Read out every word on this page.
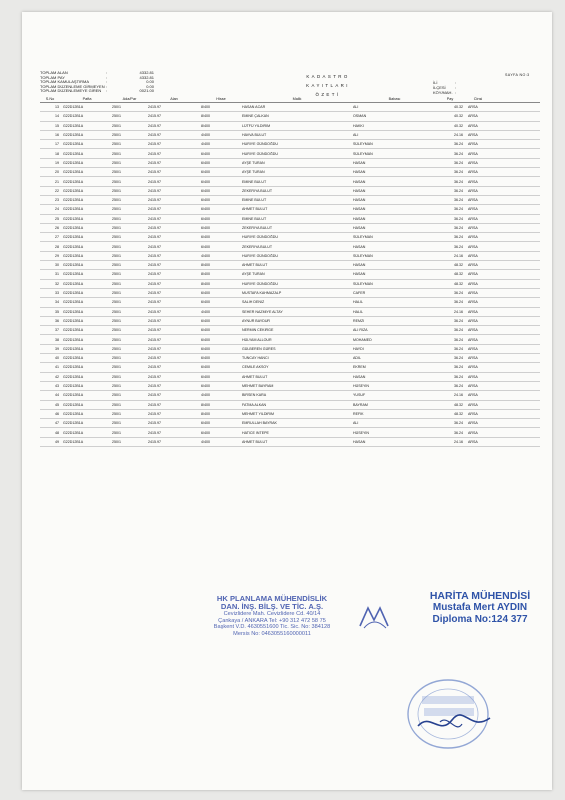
TOPLAM ALAN	:	4332.81
TOPLAM PAY	:	4332.81
TOPLAM KAMULAŞTIRMA	:	0.00
TOPLAM DÜZENLEME GİRMEYEN :	0.00
TOPLAM DÜZENLEMEYE GİREN	:	0021.00
KADASTRO
KAYITLARI
ÖZETİ
SAYFA NO:3
İLİ	:
İLÇESİ	:
KÖY/MAH. :
S.No	Pafta	Ada/Par	Alan	Hisse	Malik	Babası	Pay	Cinsi
13	G22D12B1A	250/1	2415.97	8/400	HASAN ACAR	ALİ	40.32	ARSA
14	G22D12B1A	250/1	2415.97	8/400	EMİNE ÇALKAN	OSMAN	40.32	ARSA
15	G22D12B1A	250/1	2415.97	8/400	LÜTFÜ YILDIRIM	HAKKI	40.32	ARSA
16	G22D12B1A	250/1	2415.97	4/400	HAVVA BULUT	ALİ	24.16	ARSA
17	G22D12B1A	250/1	2415.97	4/400	HURİYE GÜNDOĞDU	SÜLEYMAN	36.24	ARSA
18	G22D12B1A	250/1	2415.97	6/400	HURİYE GÜNDOĞDU	SÜLEYMAN	36.24	ARSA
19	G22D12B1A	250/1	2415.97	6/400	AYŞE TURAN	HASAN	36.24	ARSA
20	G22D12B1A	250/1	2415.97	6/400	AYŞE TURAN	HASAN	36.24	ARSA
21	G22D12B1A	250/1	2415.97	6/400	EMİNE BULUT	HASAN	36.24	ARSA
22	G22D12B1A	250/1	2415.97	6/400	ZEKERİYA BULUT	HASAN	36.24	ARSA
23	G22D12B1A	250/1	2415.97	6/400	EMİNE BULUT	HASAN	36.24	ARSA
24	G22D12B1A	250/1	2415.97	6/400	AHMET BULUT	HASAN	36.24	ARSA
25	G22D12B1A	250/1	2415.97	6/400	EMİNE BULUT	HASAN	36.24	ARSA
26	G22D12B1A	250/1	2415.97	6/400	ZEKERİYA BULUT	HASAN	36.24	ARSA
27	G22D12B1A	250/1	2415.97	6/400	HURİYE GÜNDOĞDU	SÜLEYMAN	36.24	ARSA
28	G22D12B1A	250/1	2415.97	6/400	ZEKERİYA BULUT	HASAN	36.24	ARSA
29	G22D12B1A	250/1	2415.97	4/400	HURİYE GÜNDOĞDU	SÜLEYMAN	24.16	ARSA
30	G22D12B1A	250/1	2415.97	8/400	AHMET BULUT	HASAN	48.32	ARSA
31	G22D12B1A	250/1	2415.97	8/400	AYŞE TURAN	HASAN	48.32	ARSA
32	G22D12B1A	250/1	2415.97	8/400	HURİYE GÜNDOĞDU	SÜLEYMAN	48.32	ARSA
33	G22D12B1A	250/1	2415.97	6/400	MUSTAFA KAHMAZALP	CAFER	36.24	ARSA
34	G22D12B1A	250/1	2415.97	6/400	SALİH DENİZ	HALİL	36.24	ARSA
35	G22D12B1A	250/1	2415.97	4/400	SEHER NAZMİYE ALTAY	HALİL	24.16	ARSA
36	G22D12B1A	250/1	2415.97	6/400	AYNUR BAYDUR	REMZİ	36.24	ARSA
37	G22D12B1A	250/1	2415.97	6/400	NERMİN CEKİRGE	ALİ RIZA	36.24	ARSA
38	G22D12B1A	250/1	2415.97	6/400	HÜLYAM ALLOUR	MOHAMED	36.24	ARSA
39	G22D12B1A	250/1	2415.97	6/400	GÜLBEREN GÜRES	HAYDİ	36.24	ARSA
40	G22D12B1A	250/1	2415.97	6/400	TUNCAY HANCI	ADİL	36.24	ARSA
41	G22D12B1A	250/1	2415.97	6/400	CEMİLE AKSOY	EKREM	36.24	ARSA
42	G22D12B1A	250/1	2415.97	6/400	AHMET BULUT	HASAN	36.24	ARSA
43	G22D12B1A	250/1	2415.97	6/400	MEHMET BAYRAM	HÜSEYİN	36.24	ARSA
44	G22D12B1A	250/1	2415.97	4/400	BİRSEN KARA	YUSUF	24.16	ARSA
45	G22D12B1A	250/1	2415.97	8/400	FATMA ALKAN	BAYRAM	48.32	ARSA
46	G22D12B1A	250/1	2415.97	8/400	MEHMET YILDIRIM	REFİK	48.32	ARSA
47	G22D12B1A	250/1	2415.97	6/400	EMRULLAH BAYRAK	ALİ	36.24	ARSA
48	G22D12B1A	250/1	2415.97	6/400	HATİCE İNTEPE	HÜSEYİN	36.24	ARSA
49	G22D12B1A	250/1	2415.97	4/400	AHMET BULUT	HASAN	24.16	ARSA
HK PLANLAMA MÜHENDİSLİK
DAN. İNŞ. BİLŞ. VE TİC. A.Ş.
Cevizlidere Mah. Cevizlidere Cd. 40/14
Çankaya / ANKARA Tel: +90 312 472 58 75
Başkent V.D. 4630551600 Tic. Sic. No: 384128
Mersis No: 0463055160000011
HARİTA MÜHENDİSİ
Mustafa Mert AYDIN
Diploma No:124 377
